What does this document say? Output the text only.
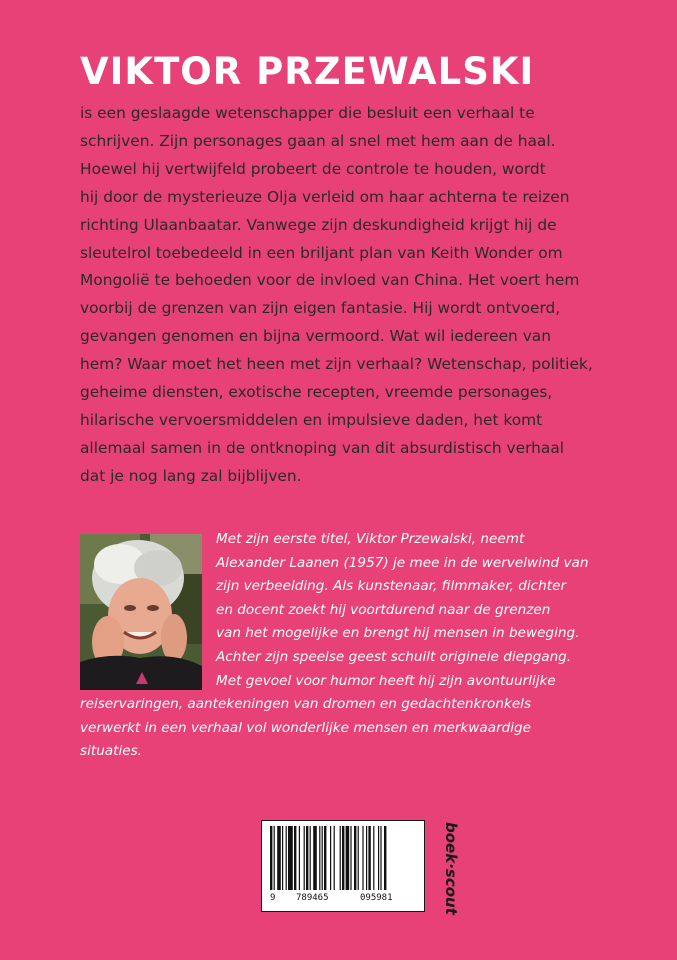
VIKTOR PRZEWALSKI
is een geslaagde wetenschapper die besluit een verhaal te
schrijven. Zijn personages gaan al snel met hem aan de haal.
Hoewel hij vertwijfeld probeert de controle te houden, wordt
hij door de mysterieuze Olja verleid om haar achterna te reizen
richting Ulaanbaatar. Vanwege zijn deskundigheid krijgt hij de
sleutelrol toebedeeld in een briljant plan van Keith Wonder om
Mongolië te behoeden voor de invloed van China. Het voert hem
voorbij de grenzen van zijn eigen fantasie. Hij wordt ontvoerd,
gevangen genomen en bijna vermoord. Wat wil iedereen van
hem? Waar moet het heen met zijn verhaal? Wetenschap, politiek,
geheime diensten, exotische recepten, vreemde personages,
hilarische vervoersmiddelen en impulsieve daden, het komt
allemaal samen in de ontknoping van dit absurdistisch verhaal
dat je nog lang zal bijblijven.
Met zijn eerste titel, Viktor Przewalski, neemt
Alexander Laanen (1957) je mee in de wervelwind van
zijn verbeelding. Als kunstenaar, filmmaker, dichter
en docent zoekt hij voortdurend naar de grenzen
van het mogelijke en brengt hij mensen in beweging.
Achter zijn speelse geest schuilt originele diepgang.
Met gevoel voor humor heeft hij zijn avontuurlijke
reiservaringen, aantekeningen van dromen en gedachtenkronkels
verwerkt in een verhaal vol wonderlijke mensen en merkwaardige
situaties.
9 789465	095981	boek·scout
